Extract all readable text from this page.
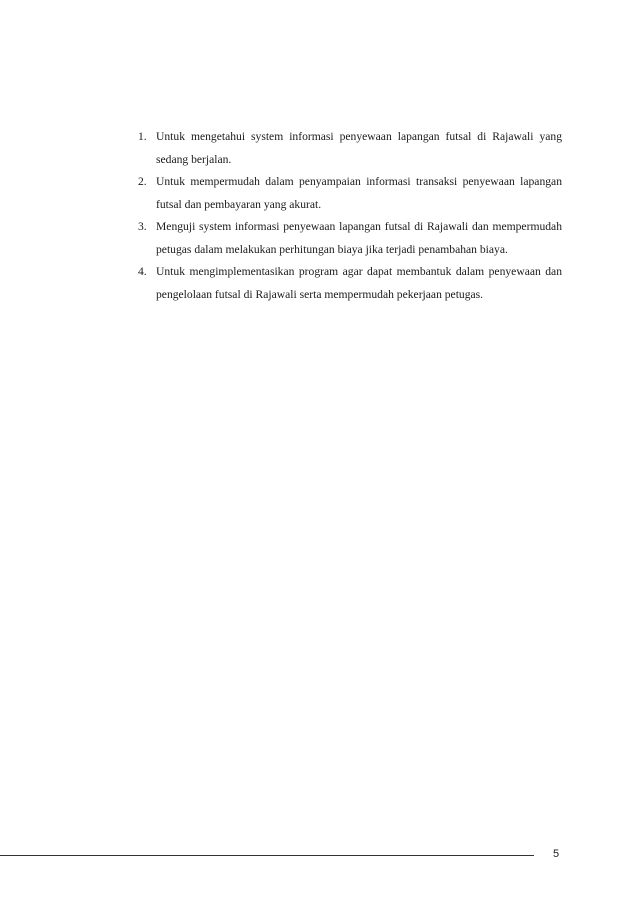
1. Untuk mengetahui system informasi penyewaan lapangan futsal di Rajawali yang sedang berjalan.
2. Untuk mempermudah dalam penyampaian informasi transaksi penyewaan lapangan futsal dan pembayaran yang akurat.
3. Menguji system informasi penyewaan lapangan futsal di Rajawali dan mempermudah petugas dalam melakukan perhitungan biaya jika terjadi penambahan biaya.
4. Untuk mengimplementasikan program agar dapat membantuk dalam penyewaan dan pengelolaan futsal di Rajawali serta mempermudah pekerjaan petugas.
5
